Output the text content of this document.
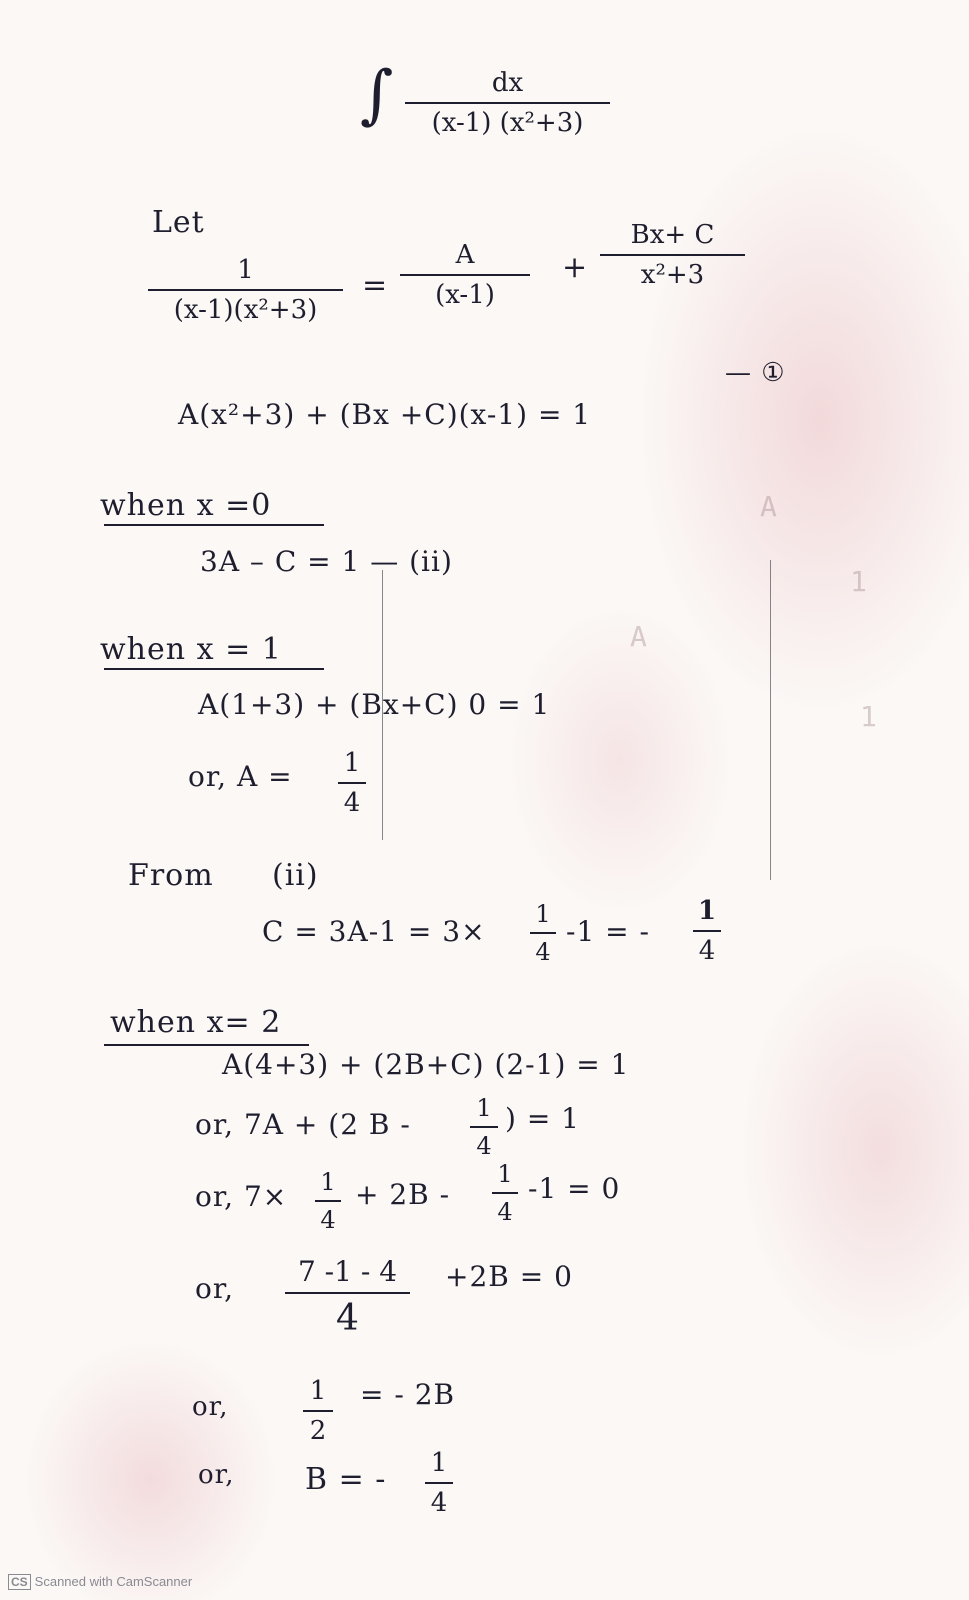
A
1
A
1
∫	dx
(x-1) (x²+3)
Let
1
(x-1)(x²+3)
=
A
(x-1)
+
Bx+ C
x²+3
A(x²+3) + (Bx +C)(x-1) = 1
— ①
when x =0
3A – C = 1 — (ii)
when x = 1
A(1+3) + (Bx+C) 0 = 1
or, A = 1
4
From (ii)
C = 3A-1 = 3×
1
4
-1 = -
1
4
when x= 2
A(4+3) + (2B+C) (2-1) = 1
or, 7A + (2 B -	1
4
) = 1
or, 7× 1
4
+ 2B -
1
4
-1 = 0
or,
7 -1 - 4
4
+2B = 0
or,
1
2
= - 2B
or, B = - 1
4
CS Scanned with CamScanner
